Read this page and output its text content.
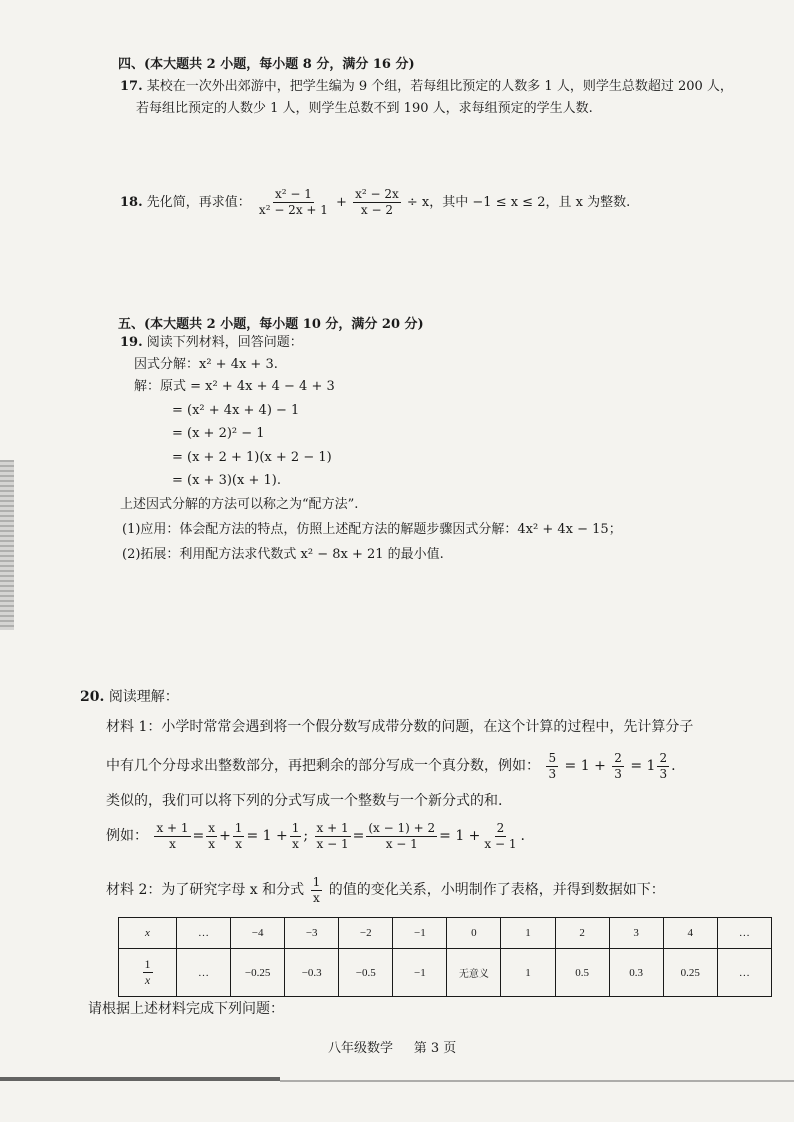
四、(本大题共 2 小题，每小题 8 分，满分 16 分)
17. 某校在一次外出郊游中，把学生编为 9 个组，若每组比预定的人数多 1 人，则学生总数超过 200 人，
若每组比预定的人数少 1 人，则学生总数不到 190 人，求每组预定的学生人数.
18. 先化简，再求值： $\frac{\text{x² − 1}}{\text{x² − 2x + 1}} + \frac{\text{x² − 2x}}{x - 2} \div x$，其中 −1 ≤ x ≤ 2，且 x 为整数.
五、(本大题共 2 小题，每小题 10 分，满分 20 分)
19. 阅读下列材料，回答问题：
因式分解：x² + 4x + 3.
解：原式 = x² + 4x + 4 − 4 + 3
= (x² + 4x + 4) − 1
= (x + 2)² − 1
= (x + 2 + 1)(x + 2 − 1)
= (x + 3)(x + 1).
上述因式分解的方法可以称之为“配方法”.
(1)应用：体会配方法的特点，仿照上述配方法的解题步骤因式分解：4x² + 4x − 15；
(2)拓展：利用配方法求代数式 x² − 8x + 21 的最小值.
20. 阅读理解：
材料 1：小学时常常会遇到将一个假分数写成带分数的问题，在这个计算的过程中，先计算分子
中有几个分母求出整数部分，再把剩余的部分写成一个真分数，例如： $\frac{5}{3} = 1 + \frac{2}{3} = 1 \frac{2}{3}$ .
类似的，我们可以将下列的分式写成一个整数与一个新分式的和.
例如： $\frac{x + 1}{x} = \frac{x}{x} + \frac{1}{x} = 1 + \frac{1}{x}$ ; $\frac{x + 1}{x - 1} = \frac{(x - 1) + 2}{x - 1} = 1 + \frac{2}{x - 1}$ .
材料 2：为了研究字母 x 和分式 $\frac{1}{x}$ 的值的变化关系，小明制作了表格，并得到数据如下：
x	…	−4	−3	−2	−1	0	1	2	3	4	…

$\frac{1}{x}$	…	−0.25	−0.3	−0.5	−1	无意义	1	0.5	0.3	0.25	…
请根据上述材料完成下列问题：
八年级数学 第 3 页
